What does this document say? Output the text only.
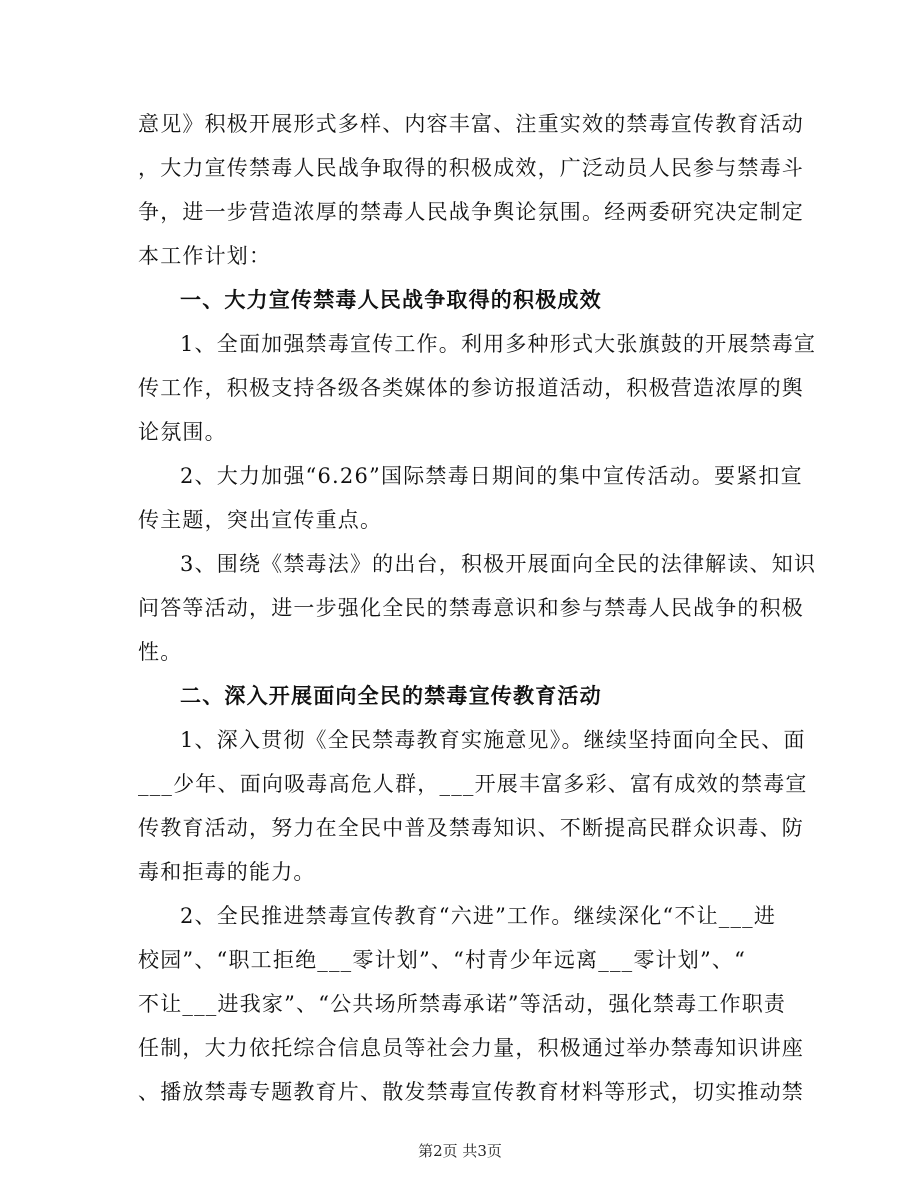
意见》积极开展形式多样、内容丰富、注重实效的禁毒宣传教育活动
，大力宣传禁毒人民战争取得的积极成效，广泛动员人民参与禁毒斗
争，进一步营造浓厚的禁毒人民战争舆论氛围。经两委研究决定制定
本工作计划：
一、大力宣传禁毒人民战争取得的积极成效
1、全面加强禁毒宣传工作。利用多种形式大张旗鼓的开展禁毒宣
传工作，积极支持各级各类媒体的参访报道活动，积极营造浓厚的舆
论氛围。
2、大力加强“6.26”国际禁毒日期间的集中宣传活动。要紧扣宣
传主题，突出宣传重点。
3、围绕《禁毒法》的出台，积极开展面向全民的法律解读、知识
问答等活动，进一步强化全民的禁毒意识和参与禁毒人民战争的积极
性。
二、深入开展面向全民的禁毒宣传教育活动
1、深入贯彻《全民禁毒教育实施意见》。继续坚持面向全民、面
___少年、面向吸毒高危人群，___开展丰富多彩、富有成效的禁毒宣
传教育活动，努力在全民中普及禁毒知识、不断提高民群众识毒、防
毒和拒毒的能力。
2、全民推进禁毒宣传教育“六进”工作。继续深化“不让___进
校园”、“职工拒绝___零计划”、“村青少年远离___零计划”、“
不让___进我家”、“公共场所禁毒承诺”等活动，强化禁毒工作职责
任制，大力依托综合信息员等社会力量，积极通过举办禁毒知识讲座
、播放禁毒专题教育片、散发禁毒宣传教育材料等形式，切实推动禁
第2页 共3页
